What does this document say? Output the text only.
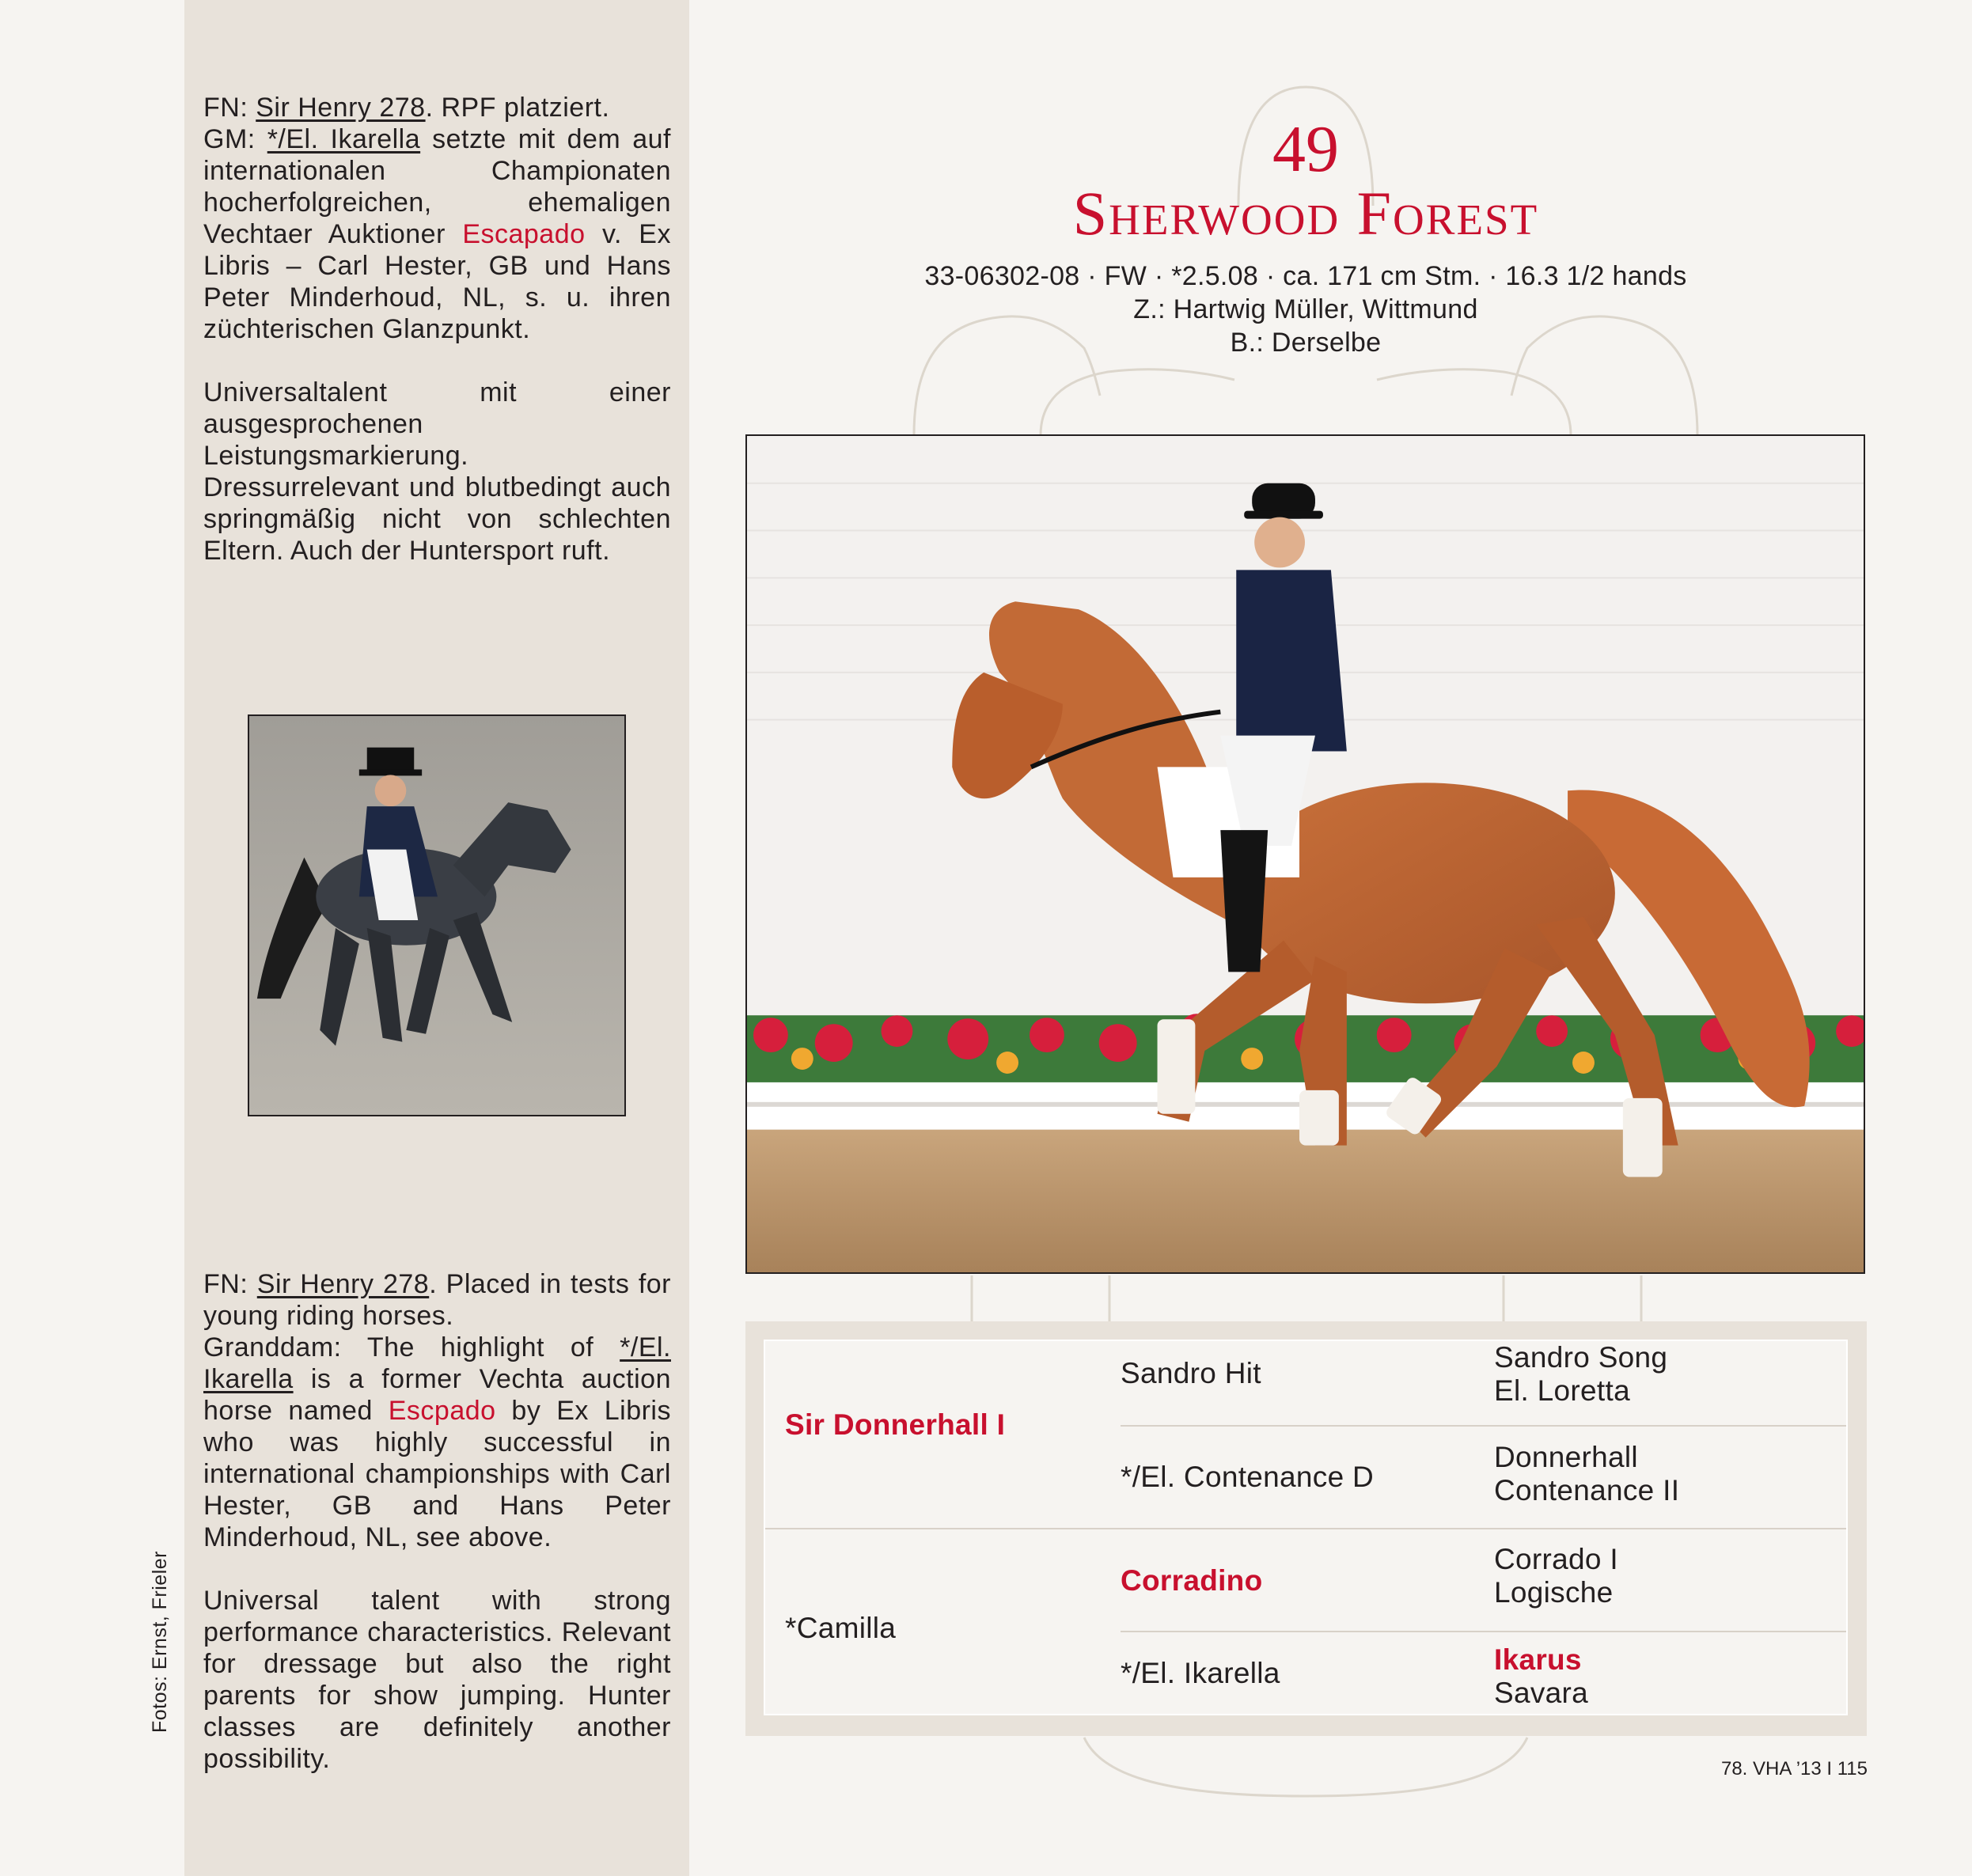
FN: Sir Henry 278. RPF platziert.
GM: */El. Ikarella setzte mit dem auf internationalen Championaten hocherfolgreichen, ehemaligen Vechtaer Auktioner Escapado v. Ex Libris – Carl Hester, GB und Hans Peter Minderhoud, NL, s. u. ihren züchterischen Glanzpunkt.

Universaltalent mit einer ausgesprochenen Leistungsmarkierung. Dressurrelevant und blutbedingt auch springmäßig nicht von schlechten Eltern. Auch der Huntersport ruft.

FN: Sir Henry 278. Placed in tests for young riding horses.
Granddam: The highlight of */El. Ikarella is a former Vechta auction horse named Escpado by Ex Libris who was highly successful in international championships with Carl Hester, GB and Hans Peter Minderhoud, NL, see above.

Universal talent with strong performance characteristics. Relevant for dressage but also the right parents for show jumping. Hunter classes are definitely another possibility.

Fotos: Ernst, Frieler
49
Sherwood Forest
33-06302-08 · FW · *2.5.08 · ca. 171 cm Stm. · 16.3 1/2 hands
Z.: Hartwig Müller, Wittmund
B.: Derselbe
Sir Donnerhall I
*Camilla
Sandro Hit
*/El. Contenance D
Corradino
*/El. Ikarella
Sandro Song
El. Loretta
Donnerhall
Contenance II
Corrado I
Logische
Ikarus
Savara
78. VHA ’13 I 115
